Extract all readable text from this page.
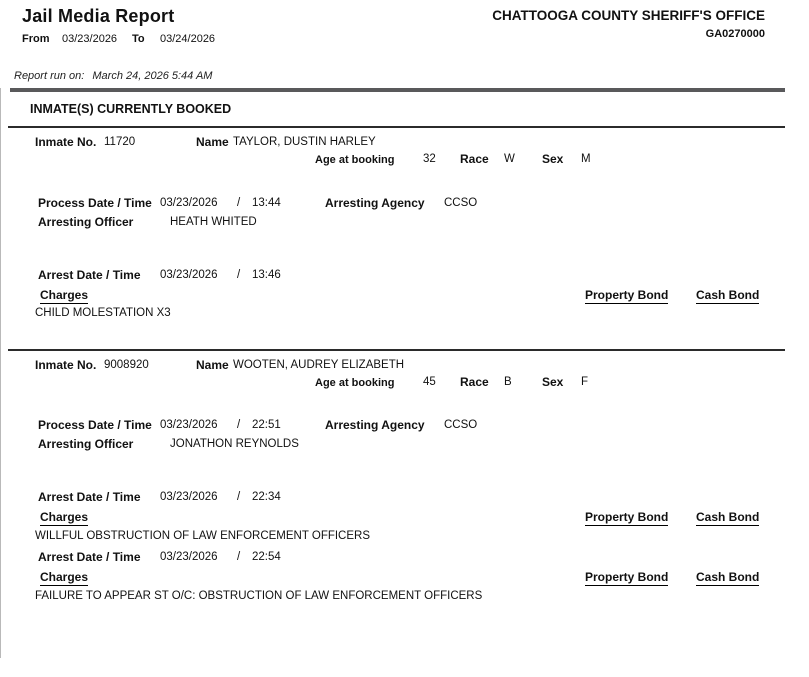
Jail Media Report
From 03/23/2026 To 03/24/2026
CHATTOOGA COUNTY SHERIFF'S OFFICE
GA0270000
Report run on: March 24, 2026 5:44 AM
INMATE(S) CURRENTLY BOOKED
Inmate No. 11720	Name TAYLOR, DUSTIN HARLEY
Age at booking 32 Race W Sex M
Process Date / Time 03/23/2026 / 13:44	Arresting Agency CCSO
Arresting Officer	HEATH WHITED
Arrest Date / Time 03/23/2026 / 13:46
Charges	Property Bond Cash Bond
CHILD MOLESTATION X3
Inmate No. 9008920	Name WOOTEN, AUDREY ELIZABETH
Age at booking 45 Race B	Sex F
Process Date / Time 03/23/2026 / 22:51	Arresting Agency CCSO
Arresting Officer	JONATHON REYNOLDS
Arrest Date / Time 03/23/2026 / 22:34
Charges	Property Bond Cash Bond
WILLFUL OBSTRUCTION OF LAW ENFORCEMENT OFFICERS
Arrest Date / Time 03/23/2026 / 22:54
Charges	Property Bond Cash Bond
FAILURE TO APPEAR ST O/C: OBSTRUCTION OF LAW ENFORCEMENT OFFICERS
